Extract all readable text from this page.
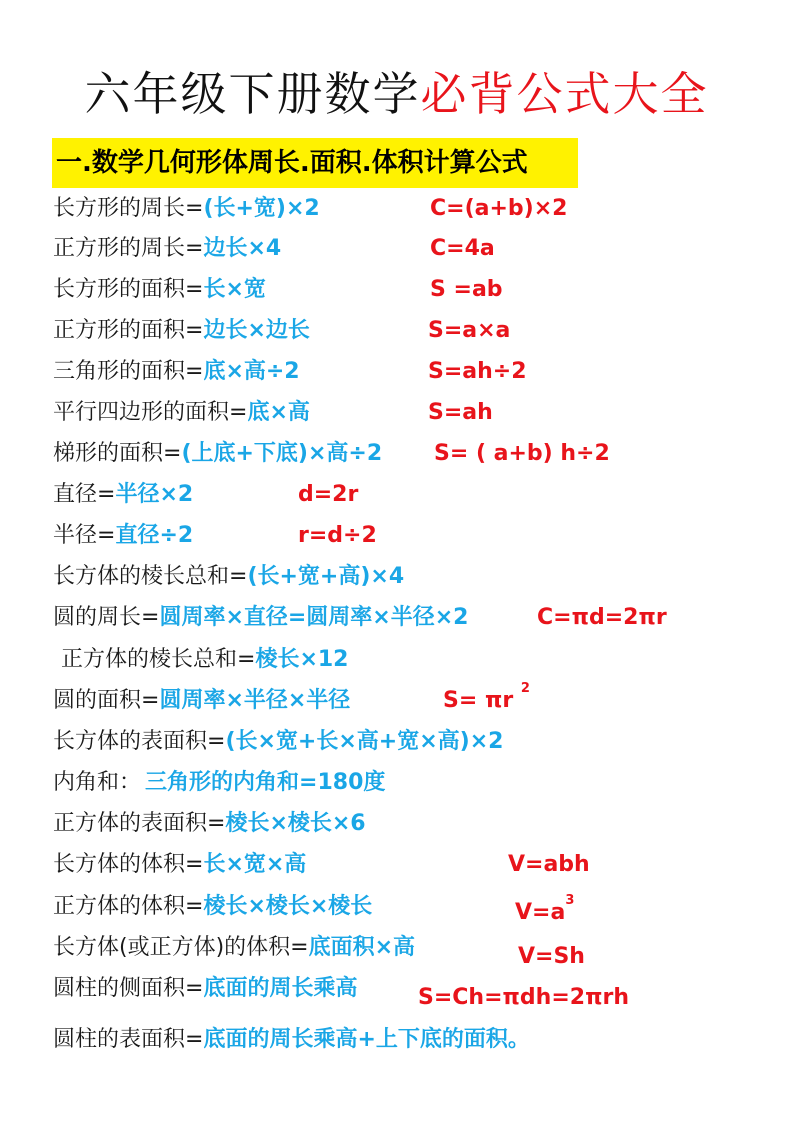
六年级下册数学必背公式大全
一.数学几何形体周长.面积.体积计算公式
长方形的周长=(长+宽)×2	C=(a+b)×2
正方形的周长=边长×4	C=4a
长方形的面积=长×宽	S =ab
正方形的面积=边长×边长	S=a×a
三角形的面积=底×高÷2	S=ah÷2
平行四边形的面积=底×高	S=ah
梯形的面积=(上底+下底)×高÷2 S= ( a+b) h÷2
直径=半径×2	d=2r
半径=直径÷2	r=d÷2
长方体的棱长总和=(长+宽+高)×4
圆的周长=圆周率×直径=圆周率×半径×2	C=πd=2πr
正方体的棱长总和=棱长×12
圆的面积=圆周率×半径×半径	S= πr $^2$
长方体的表面积=(长×宽+长×高+宽×高)×2
内角和： 三角形的内角和=180度
正方体的表面积=棱长×棱长×6
长方体的体积=长×宽×高	V=abh
正方体的体积=棱长×棱长×棱长	$V=a^3$
长方体(或正方体)的体积=底面积×高	V=Sh
圆柱的侧面积=底面的周长乘高	S=Ch=πdh=2πrh
圆柱的表面积=底面的周长乘高+上下底的面积。
